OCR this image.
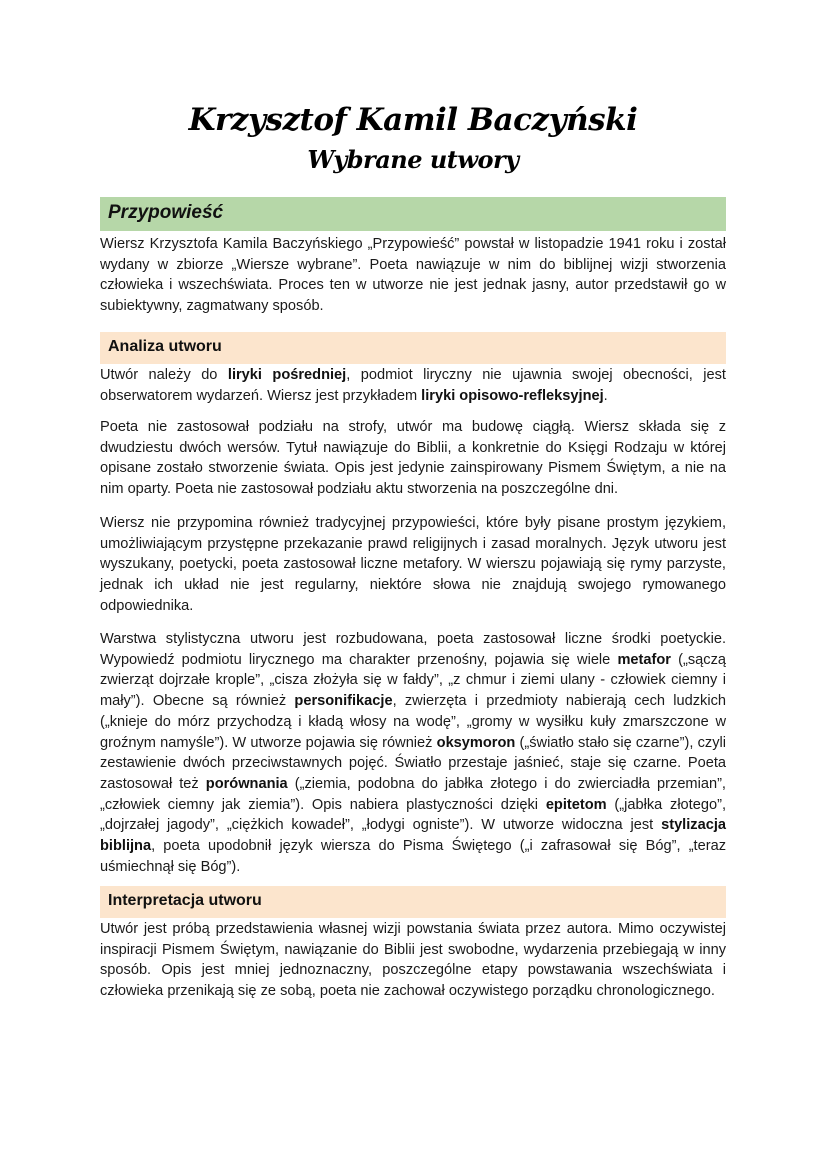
Krzysztof Kamil Baczyński
Wybrane utwory
Przypowieść

Wiersz Krzysztofa Kamila Baczyńskiego „Przypowieść” powstał w listopadzie 1941 roku i został wydany w zbiorze „Wiersze wybrane”. Poeta nawiązuje w nim do biblijnej wizji stworzenia człowieka i wszechświata. Proces ten w utworze nie jest jednak jasny, autor przedstawił go w subiektywny, zagmatwany sposób.

Analiza utworu

Utwór należy do liryki pośredniej, podmiot liryczny nie ujawnia swojej obecności, jest obserwatorem wydarzeń. Wiersz jest przykładem liryki opisowo-refleksyjnej.

Poeta nie zastosował podziału na strofy, utwór ma budowę ciągłą. Wiersz składa się z dwudziestu dwóch wersów. Tytuł nawiązuje do Biblii, a konkretnie do Księgi Rodzaju w której opisane zostało stworzenie świata. Opis jest jedynie zainspirowany Pismem Świętym, a nie na nim oparty. Poeta nie zastosował podziału aktu stworzenia na poszczególne dni.

Wiersz nie przypomina również tradycyjnej przypowieści, które były pisane prostym językiem, umożliwiającym przystępne przekazanie prawd religijnych i zasad moralnych. Język utworu jest wyszukany, poetycki, poeta zastosował liczne metafory. W wierszu pojawiają się rymy parzyste, jednak ich układ nie jest regularny, niektóre słowa nie znajdują swojego rymowanego odpowiednika.

Warstwa stylistyczna utworu jest rozbudowana, poeta zastosował liczne środki poetyckie. Wypowiedź podmiotu lirycznego ma charakter przenośny, pojawia się wiele metafor („sączą zwierząt dojrzałe krople”, „cisza złożyła się w fałdy”, „z chmur i ziemi ulany - człowiek ciemny i mały”). Obecne są również personifikacje, zwierzęta i przedmioty nabierają cech ludzkich („knieje do mórz przychodzą i kładą włosy na wodę”, „gromy w wysiłku kuły zmarszczone w groźnym namyśle”). W utworze pojawia się również oksymoron („światło stało się czarne”), czyli zestawienie dwóch przeciwstawnych pojęć. Światło przestaje jaśnieć, staje się czarne. Poeta zastosował też porównania („ziemia, podobna do jabłka złotego i do zwierciadła przemian”, „człowiek ciemny jak ziemia”). Opis nabiera plastyczności dzięki epitetom („jabłka złotego”, „dojrzałej jagody”, „ciężkich kowadeł”, „łodygi ogniste”). W utworze widoczna jest stylizacja biblijna, poeta upodobnił język wiersza do Pisma Świętego („i zafrasował się Bóg”, „teraz uśmiechnął się Bóg”).

Interpretacja utworu

Utwór jest próbą przedstawienia własnej wizji powstania świata przez autora. Mimo oczywistej inspiracji Pismem Świętym, nawiązanie do Biblii jest swobodne, wydarzenia przebiegają w inny sposób. Opis jest mniej jednoznaczny, poszczególne etapy powstawania wszechświata i człowieka przenikają się ze sobą, poeta nie zachował oczywistego porządku chronologicznego.
